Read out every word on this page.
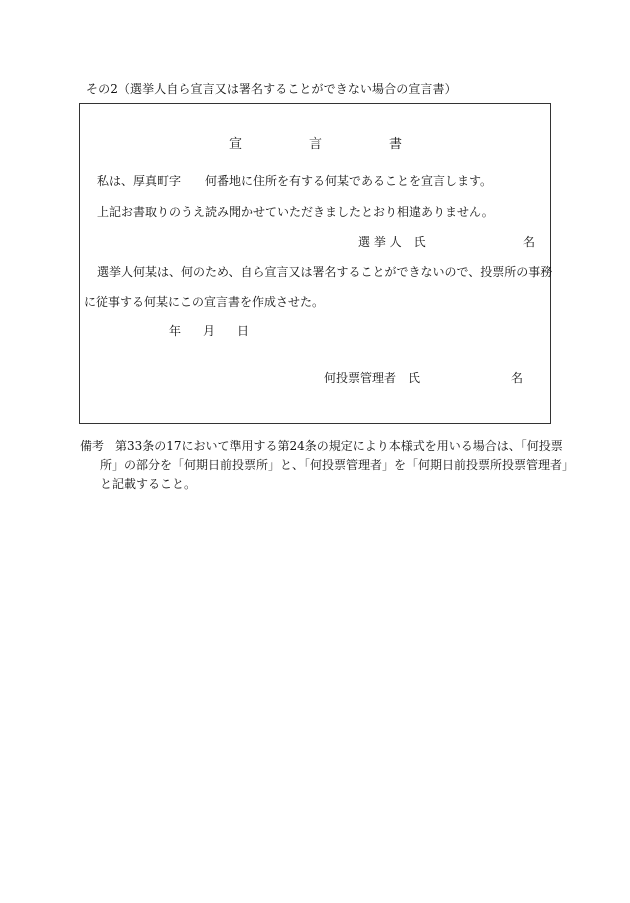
その2（選挙人自ら宣言又は署名することができない場合の宣言書）
宣	言	書
私は、厚真町字 何番地に住所を有する何某であることを宣言します。
上記お書取りのうえ読み聞かせていただきましたとおり相違ありません。
選 挙 人　氏	名
選挙人何某は、何のため、自ら宣言又は署名することができないので、投票所の事務
に従事する何某にこの宣言書を作成させた。
年 月 日
何投票管理者　氏	名
備考 第33条の17において準用する第24条の規定により本様式を用いる場合は、「何投票
所」の部分を「何期日前投票所」と、「何投票管理者」を「何期日前投票所投票管理者」
と記載すること。
